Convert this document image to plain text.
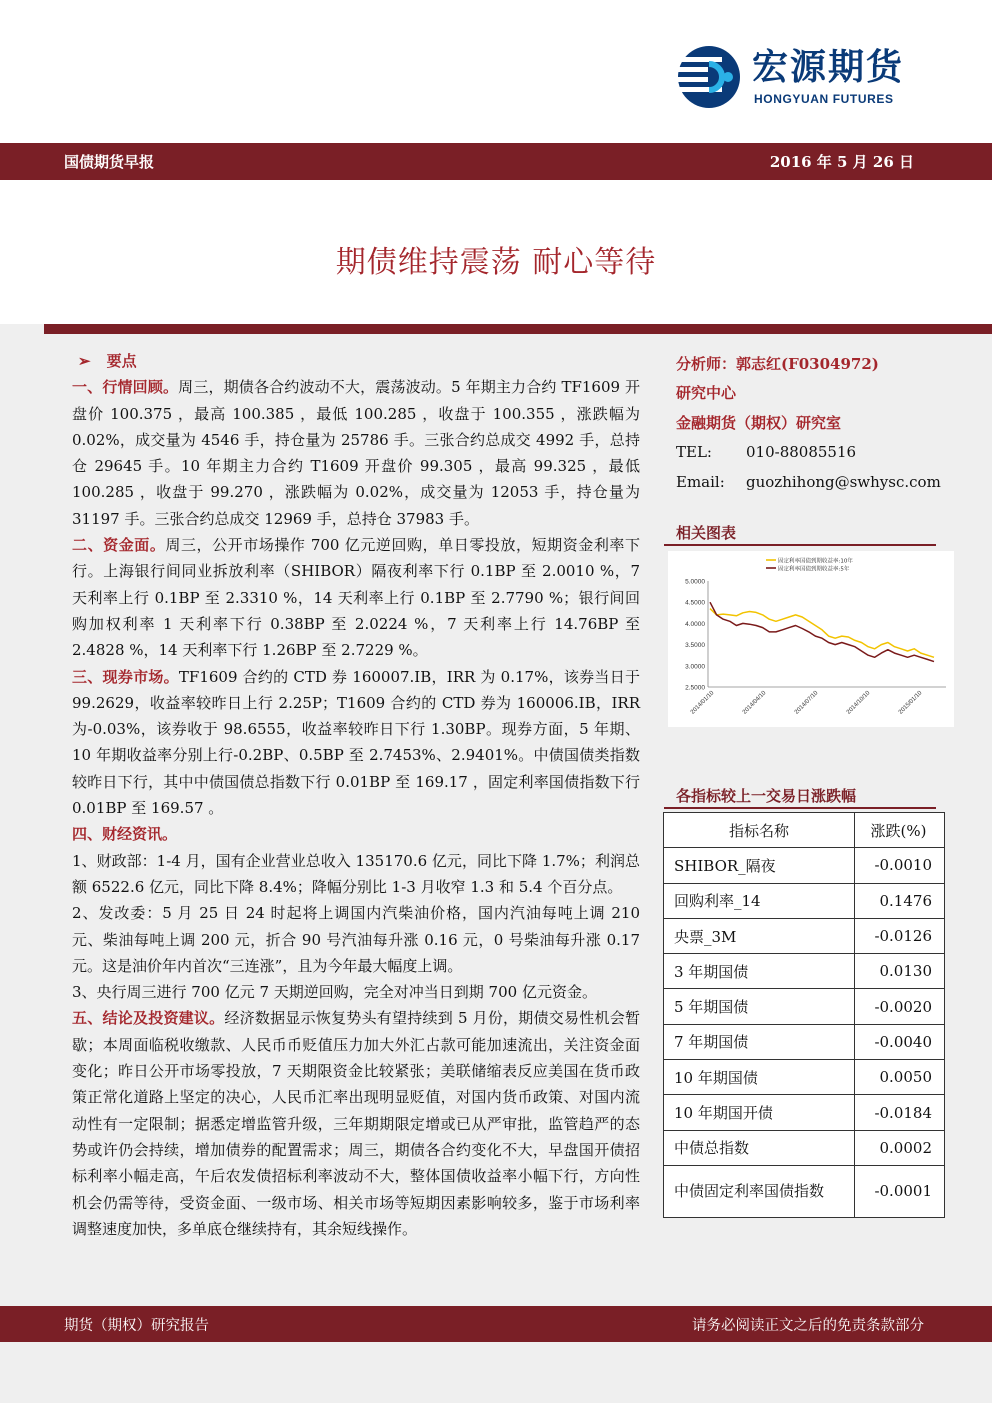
宏源期货
HONGYUAN FUTURES
国债期货早报	2016 年 5 月 26 日
期债维持震荡 耐心等待

➢ 要点

一、行情回顾。周三，期债各合约波动不大，震荡波动。5 年期主力合约 TF1609 开盘价 100.375 ，最高 100.385 ，最低 100.285 ，收盘于 100.355 ，涨跌幅为 0.02%，成交量为 4546 手，持仓量为 25786 手。三张合约总成交 4992 手，总持仓 29645 手。10 年期主力合约 T1609 开盘价 99.305 ，最高 99.325 ，最低 100.285 ，收盘于 99.270 ，涨跌幅为 0.02%，成交量为 12053 手，持仓量为 31197 手。三张合约总成交 12969 手，总持仓 37983 手。

二、资金面。周三，公开市场操作 700 亿元逆回购，单日零投放，短期资金利率下行。上海银行间同业拆放利率（SHIBOR）隔夜利率下行 0.1BP 至 2.0010 %，7 天利率上行 0.1BP 至 2.3310 %，14 天利率上行 0.1BP 至 2.7790 %；银行间回购加权利率 1 天利率下行 0.38BP 至 2.0224 %，7 天利率上行 14.76BP 至 2.4828 %，14 天利率下行 1.26BP 至 2.7229 %。

三、现券市场。TF1609 合约的 CTD 券 160007.IB，IRR 为 0.17%，该券当日于 99.2629，收益率较昨日上行 2.25P；T1609 合约的 CTD 券为 160006.IB，IRR 为-0.03%，该券收于 98.6555，收益率较昨日下行 1.30BP。现券方面，5 年期、10 年期收益率分别上行-0.2BP、0.5BP 至 2.7453%、2.9401%。中债国债类指数较昨日下行，其中中债国债总指数下行 0.01BP 至 169.17 ，固定利率国债指数下行 0.01BP 至 169.57 。

四、财经资讯。

1、财政部：1-4 月，国有企业营业总收入 135170.6 亿元，同比下降 1.7%；利润总额 6522.6 亿元，同比下降 8.4%；降幅分别比 1-3 月收窄 1.3 和 5.4 个百分点。

2、发改委：5 月 25 日 24 时起将上调国内汽柴油价格，国内汽油每吨上调 210 元、柴油每吨上调 200 元，折合 90 号汽油每升涨 0.16 元，0 号柴油每升涨 0.17 元。这是油价年内首次“三连涨”，且为今年最大幅度上调。

3、央行周三进行 700 亿元 7 天期逆回购，完全对冲当日到期 700 亿元资金。

五、结论及投资建议。经济数据显示恢复势头有望持续到 5 月份，期债交易性机会暂歇；本周面临税收缴款、人民币币贬值压力加大外汇占款可能加速流出，关注资金面变化；昨日公开市场零投放，7 天期限资金比较紧张；美联储缩表反应美国在货币政策正常化道路上坚定的决心，人民币汇率出现明显贬值，对国内货币政策、对国内流动性有一定限制；据悉定增监管升级，三年期期限定增或已从严审批，监管趋严的态势或许仍会持续，增加债券的配置需求；周三，期债各合约变化不大，早盘国开债招标利率小幅走高，午后农发债招标利率波动不大，整体国债收益率小幅下行，方向性机会仍需等待，受资金面、一级市场、相关市场等短期因素影响较多，鉴于市场利率调整速度加快，多单底仓继续持有，其余短线操作。

分析师：郭志红(F0304972)
研究中心
金融期货（期权）研究室
TEL: 010-88085516
Email: guozhihong@swhysc.com
相关图表
5.0000
4.5000
4.0000
3.5000
3.0000
2.5000
2014/01/10	2014/04/10	2014/07/10	2014/10/10	2015/01/10
固定利率国债到期收益率:10年
固定利率国债到期收益率:5年
各指标较上一交易日涨跌幅
指标名称	涨跌(%)
SHIBOR_隔夜	-0.0010
回购利率_14	0.1476
央票_3M	-0.0126
3 年期国债	0.0130
5 年期国债	-0.0020
7 年期国债	-0.0040
10 年期国债	0.0050
10 年期国开债	-0.0184
中债总指数	0.0002
中债固定利率国债指数	-0.0001
期货（期权）研究报告	请务必阅读正文之后的免责条款部分
